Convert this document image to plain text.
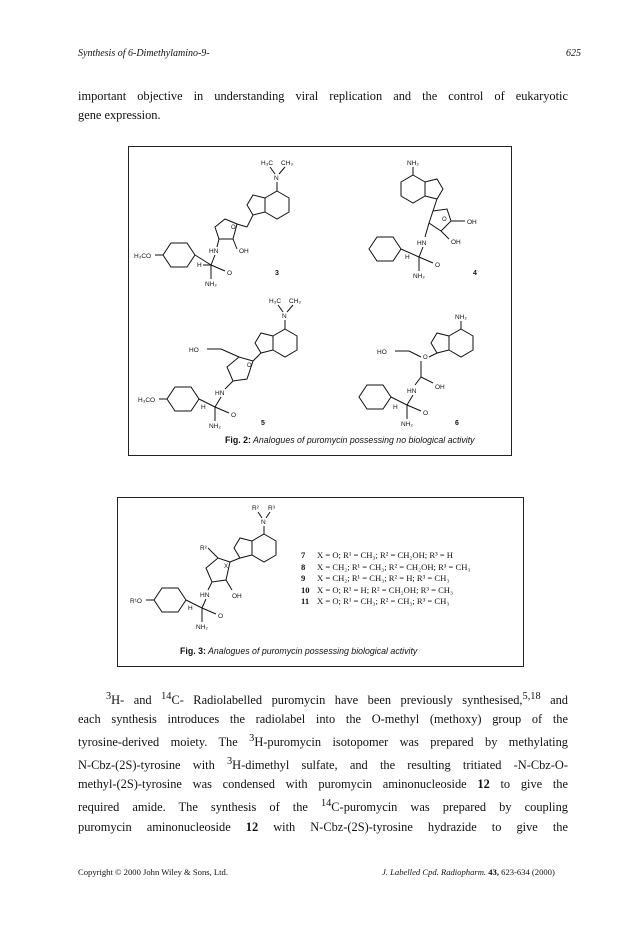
Synthesis of 6-Dimethylamino-9-	625
important objective in understanding viral replication and the control of eukaryotic
gene expression.
H₃C CH₃
N
O
OH
HN
O
NH₂
H
H₃CO
3
NH₂
O	OH
OH
HN
O
NH₂
H
4
H₃C CH₃
N
O
HO
HN
O
NH₂
H
H₃CO
5
NH₂
O
HO
OH
HN
O
NH₂
H
6
Fig. 2: Analogues of puromycin possessing no biological activity
R² R³
N
X
R²
OH
HN
O
NH₂
H
R¹O
7 X = O; R¹ = CH₃; R² = CH₂OH; R³ = H
8 X = CH₂; R¹ = CH₃; R² = CH₂OH; R³ = CH₃
9 X = CH₂; R¹ = CH₃; R² = H; R³ = CH₃
10 X = O; R¹ = H; R² = CH₂OH; R³ = CH₃
11 X = O; R¹ = CH₃; R² = CH₃; R³ = CH₃
Fig. 3: Analogues of puromycin possessing biological activity
$^3$H- and $^{14}$C- Radiolabelled puromycin have been previously synthesised,$^{5,18}$ and
each synthesis introduces the radiolabel into the O-methyl (methoxy) group of the
tyrosine-derived moiety. The $^3$H-puromycin isotopomer was prepared by methylating
N-Cbz-(2S)-tyrosine with $^3$H-dimethyl sulfate, and the resulting tritiated -N-Cbz-O-
methyl-(2S)-tyrosine was condensed with puromycin aminonucleoside 12 to give the
required amide. The synthesis of the $^{14}$C-puromycin was prepared by coupling
puromycin aminonucleoside 12 with N-Cbz-(2S)-tyrosine hydrazide to give the
Copyright © 2000 John Wiley & Sons, Ltd.	J. Labelled Cpd. Radiopharm. 43, 623-634 (2000)
